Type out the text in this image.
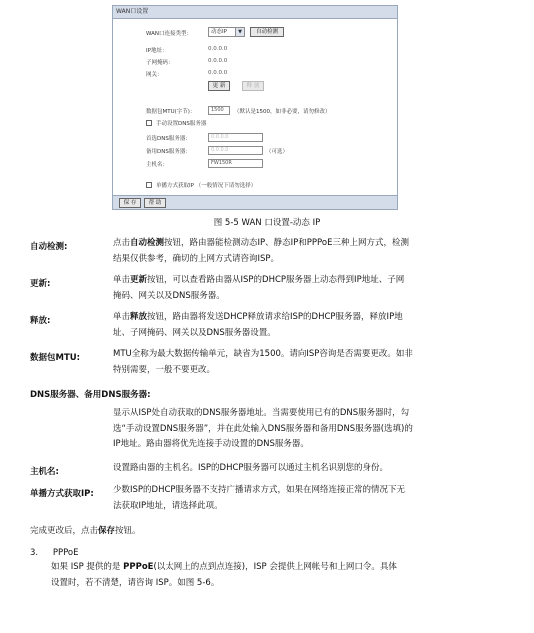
WAN口设置
WAN口连接类型：	动态IP	▼	自动检测
IP地址：	0.0.0.0
子网掩码：	0.0.0.0
网关：	0.0.0.0
更 新	释 放
数据包MTU(字节)：	1500	（默认是1500，如非必要，请勿修改）
手动设置DNS服务器
首选DNS服务器：	0.0.0.0
备用DNS服务器：	0.0.0.0	（可选）
主机名：	FW150R
单播方式获取IP （一般情况下请勿选择）
保 存	帮 助
图 5-5 WAN 口设置-动态 IP
自动检测:	点击自动检测按钮，路由器能检测动态IP、静态IP和PPPoE三种上网方式，检测
结果仅供参考，确切的上网方式请咨询ISP。
更新:	单击更新按钮，可以查看路由器从ISP的DHCP服务器上动态得到IP地址、子网
掩码、网关以及DNS服务器。
释放:	单击释放按钮，路由器将发送DHCP释放请求给ISP的DHCP服务器，释放IP地
址、子网掩码、网关以及DNS服务器设置。
数据包MTU:	MTU全称为最大数据传输单元，缺省为1500。请向ISP咨询是否需要更改。如非
特别需要，一般不要更改。
DNS服务器、备用DNS服务器:
显示从ISP处自动获取的DNS服务器地址。当需要使用已有的DNS服务器时，勾
选“手动设置DNS服务器”，并在此处输入DNS服务器和备用DNS服务器(选填)的
IP地址。路由器将优先连接手动设置的DNS服务器。
主机名:	设置路由器的主机名。ISP的DHCP服务器可以通过主机名识别您的身份。
单播方式获取IP: 少数ISP的DHCP服务器不支持广播请求方式，如果在网络连接正常的情况下无
法获取IP地址，请选择此项。
完成更改后，点击保存按钮。
3. PPPoE
如果 ISP 提供的是 PPPoE(以太网上的点到点连接)，ISP 会提供上网帐号和上网口令。具体
设置时，若不清楚，请咨询 ISP。如图 5-6。
